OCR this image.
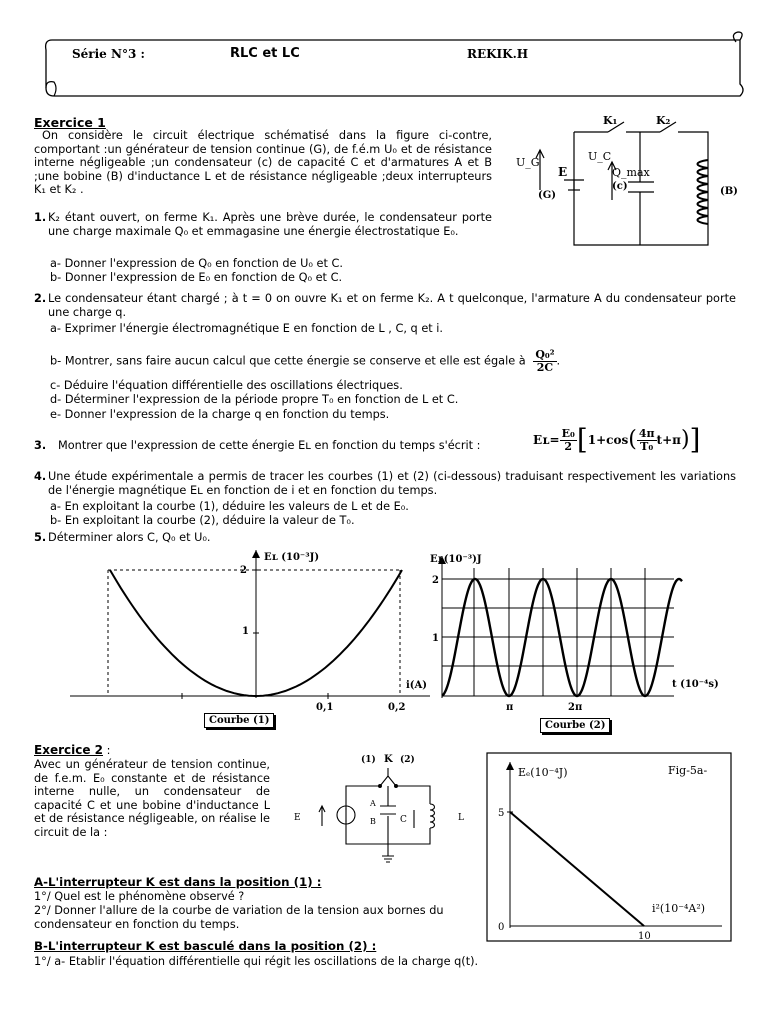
Série N°3 :	RLC et LC	REKIK.H
Exercice 1
On considère le circuit électrique schématisé dans la figure ci-contre, comportant :un générateur de tension continue (G), de f.é.m U₀ et de résistance interne négligeable ;un condensateur (c) de capacité C et d'armatures A et B ;une bobine (B) d'inductance L et de résistance négligeable ;deux interrupteurs K₁ et K₂ .
K₁	K₂
U_G
E
(G)
U_C
Q_max
(c)	(B)
1. K₂ étant ouvert, on ferme K₁. Après une brève durée, le condensateur porte une charge maximale Q₀ et emmagasine une énergie électrostatique E₀.
a- Donner l'expression de Q₀ en fonction de U₀ et C.
b- Donner l'expression de E₀ en fonction de Q₀ et C.
2. Le condensateur étant chargé ; à t = 0 on ouvre K₁ et on ferme K₂. A t quelconque, l'armature A du condensateur porte une charge q.
a- Exprimer l'énergie électromagnétique E en fonction de L , C, q et i.
b- Montrer, sans faire aucun calcul que cette énergie se conserve et elle est égale à $\frac{\text{Q₀²}}{2C}$ .
c- Déduire l'équation différentielle des oscillations électriques.
d- Déterminer l'expression de la période propre T₀ en fonction de L et C.
e- Donner l'expression de la charge q en fonction du temps.
3. Montrer que l'expression de cette énergie Eʟ en fonction du temps s'écrit :	Eʟ= $\frac{\text{E₀}}{2} [1+\cos( \frac{4\pi}{\text{T₀}} t+\pi)]$
4. Une étude expérimentale a permis de tracer les courbes (1) et (2) (ci-dessous) traduisant respectivement les variations de l'énergie magnétique Eʟ en fonction de i et en fonction du temps.
a- En exploitant la courbe (1), déduire les valeurs de L et de E₀.
b- En exploitant la courbe (2), déduire la valeur de T₀.
5. Déterminer alors C, Q₀ et U₀.
Eʟ (10⁻³J)
2
1
i(A)
0,1	0,2
Courbe (1)
Eʟ(10⁻³)J
2
1
π	2π
t (10⁻⁴s)
Courbe (2)
Exercice 2 :
Avec un générateur de tension continue, de f.e.m. E₀ constante et de résistance interne nulle, un condensateur de capacité C et une bobine d'inductance L et de résistance négligeable, on réalise le circuit de la :
(1) K (2)
E
A
B	C	L
A-L'interrupteur K est dans la position (1) :
1°/ Quel est le phénomène observé ?
2°/ Donner l'allure de la courbe de variation de la tension aux bornes du condensateur en fonction du temps.
B-L'interrupteur K est basculé dans la position (2) :
1°/ a- Etablir l'équation différentielle qui régit les oscillations de la charge q(t).
Eₑ(10⁻⁴J)	Fig-5a-
5
0
10
i²(10⁻⁴A²)
